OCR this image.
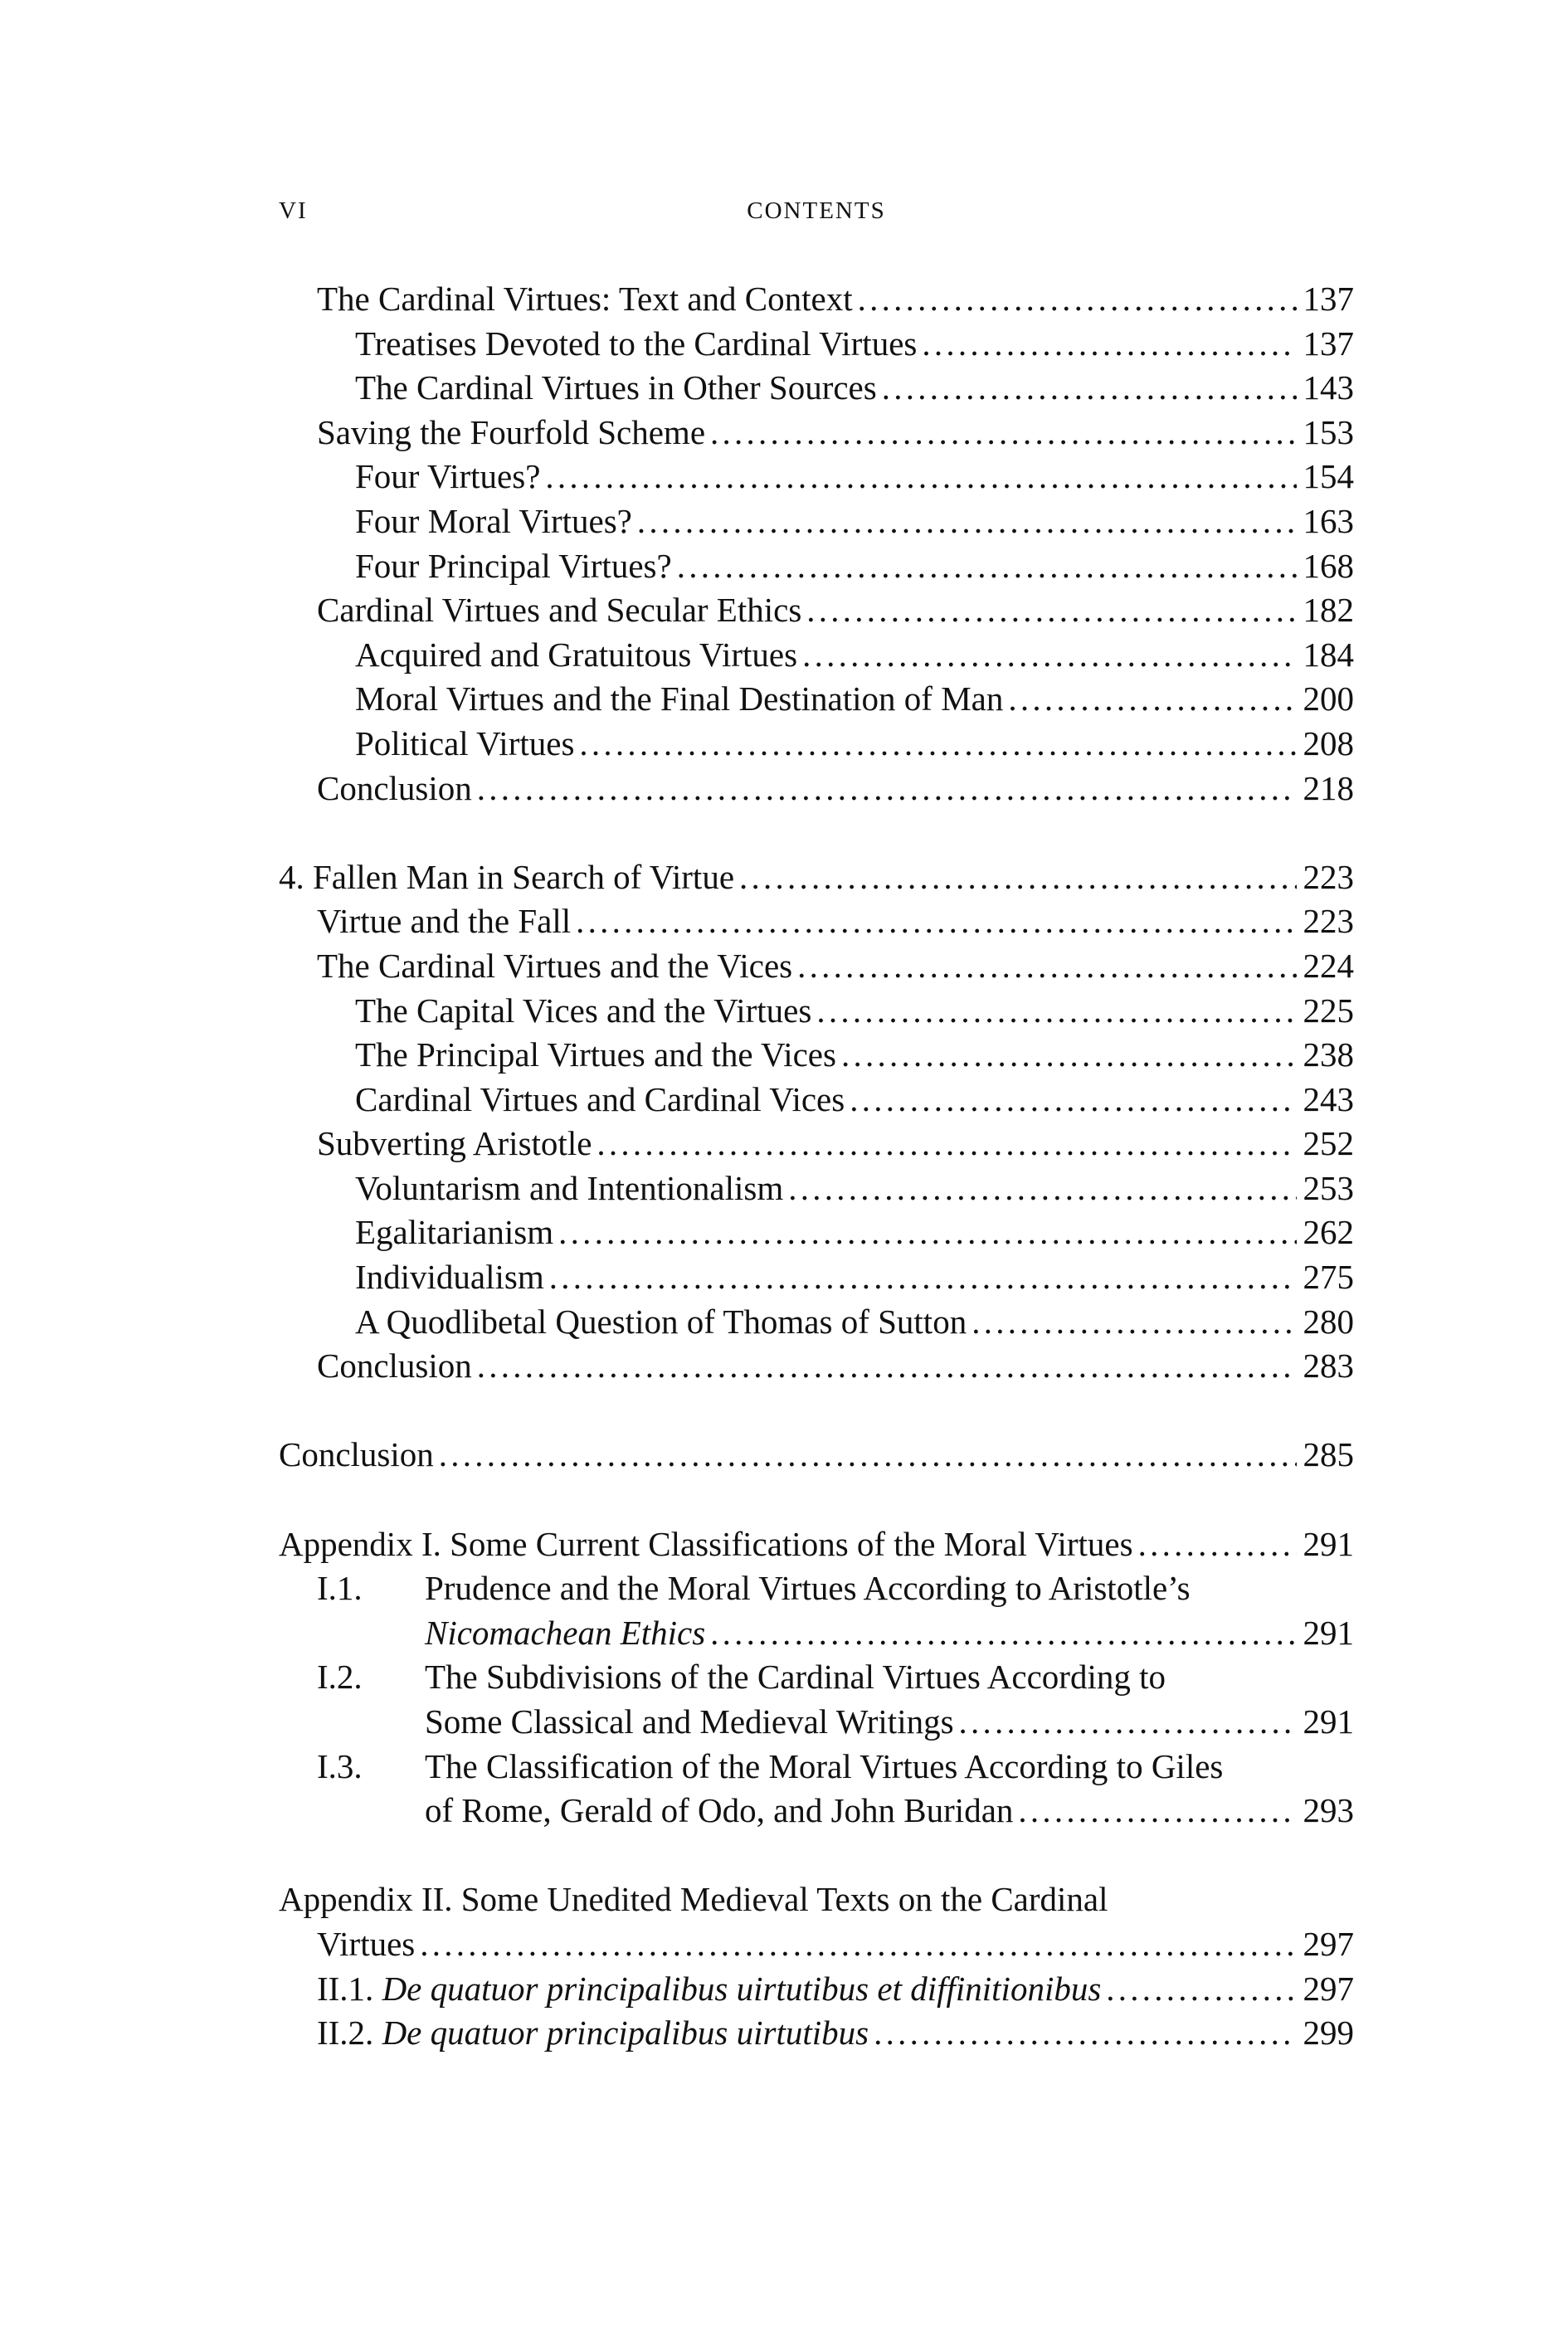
VI	CONTENTS
The Cardinal Virtues: Text and Context . . .	137
Treatises Devoted to the Cardinal Virtues . . .	137
The Cardinal Virtues in Other Sources . . .	143
Saving the Fourfold Scheme . . .	153
Four Virtues? . . .	154
Four Moral Virtues? . . .	163
Four Principal Virtues? . . .	168
Cardinal Virtues and Secular Ethics . . .	182
Acquired and Gratuitous Virtues . . .	184
Moral Virtues and the Final Destination of Man . . .	200
Political Virtues . . .	208
Conclusion . . .	218
4. Fallen Man in Search of Virtue . . .	223
Virtue and the Fall . . .	223
The Cardinal Virtues and the Vices . . .	224
The Capital Vices and the Virtues . . .	225
The Principal Virtues and the Vices . . .	238
Cardinal Virtues and Cardinal Vices . . .	243
Subverting Aristotle . . .	252
Voluntarism and Intentionalism . . .	253
Egalitarianism . . .	262
Individualism . . .	275
A Quodlibetal Question of Thomas of Sutton . . .	280
Conclusion . . .	283
Conclusion . . .	285
Appendix I. Some Current Classifications of the Moral Virtues . . .	291
I.1. Prudence and the Moral Virtues According to Aristotle’s
Nicomachean Ethics . . .	291
I.2. The Subdivisions of the Cardinal Virtues According to
Some Classical and Medieval Writings . . .	291
I.3. The Classification of the Moral Virtues According to Giles
of Rome, Gerald of Odo, and John Buridan . . .	293
Appendix II. Some Unedited Medieval Texts on the Cardinal
Virtues . . .	297
II.1.
De quatuor principalibus uirtutibus et diffinitionibus . . .	297
II.2.
De quatuor principalibus uirtutibus . . .	299
